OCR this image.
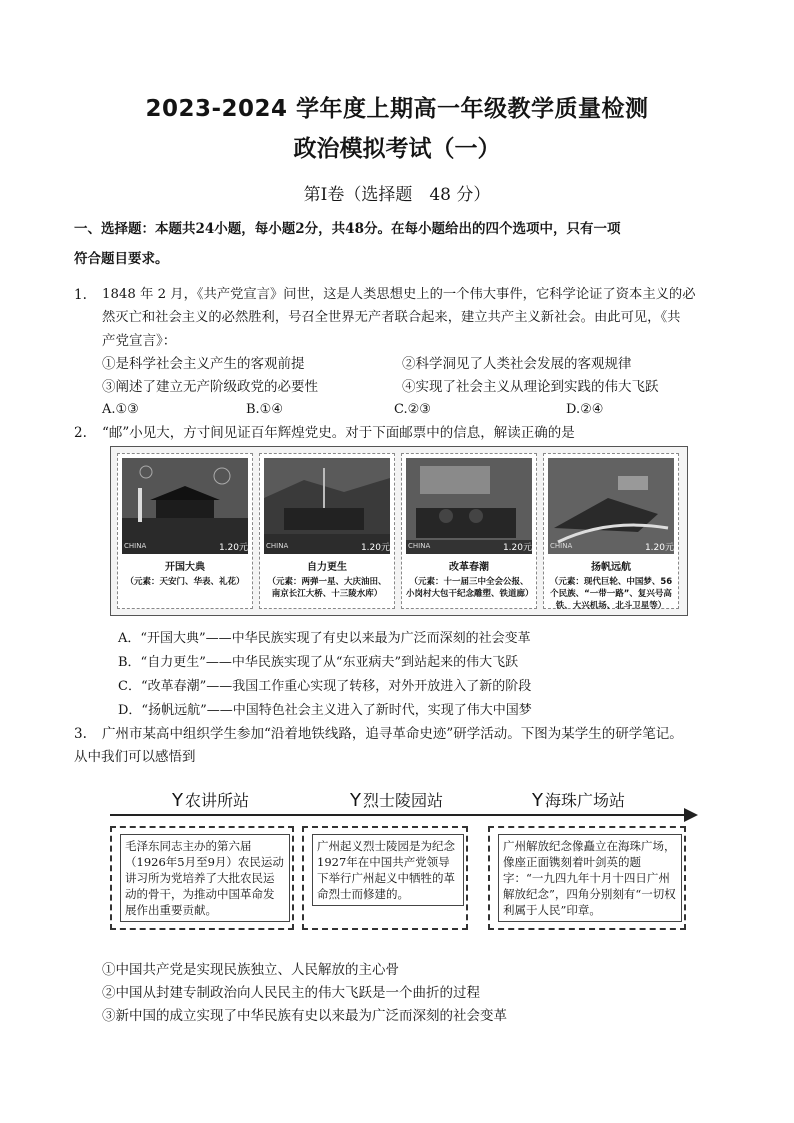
2023-2024 学年度上期高一年级教学质量检测
政治模拟考试（一）
第Ⅰ卷（选择题　48 分）
一、选择题：本题共24小题，每小题2分，共48分。在每小题给出的四个选项中，只有一项
符合题目要求。
1. 1848 年 2 月，《共产党宣言》问世，这是人类思想史上的一个伟大事件，它科学论证了资本主义的必
然灭亡和社会主义的必然胜利，号召全世界无产者联合起来，建立共产主义新社会。由此可见，《共
产党宣言》：
①是科学社会主义产生的客观前提	②科学洞见了人类社会发展的客观规律
③阐述了建立无产阶级政党的必要性	④实现了社会主义从理论到实践的伟大飞跃
A.①③	B.①④	C.②③	D.②④
2. “邮”小见大，方寸间见证百年辉煌党史。对于下面邮票中的信息，解读正确的是
CHINA	1.20元
开国大典
（元素：天安门、华表、礼花）
CHINA	1.20元
自力更生
（元素：两弹一星、大庆油田、南京长江大桥、十三陵水库）
CHINA	1.20元
改革春潮
（元素：十一届三中全会公报、小岗村大包干纪念雕塑、铁道廊）
CHINA	1.20元
扬帆远航
（元素：现代巨轮、中国梦、56个民族、“一带一路”、复兴号高铁、大兴机场、北斗卫星等）
A．“开国大典”——中华民族实现了有史以来最为广泛而深刻的社会变革
B．“自力更生”——中华民族实现了从“东亚病夫”到站起来的伟大飞跃
C．“改革春潮”——我国工作重心实现了转移，对外开放进入了新的阶段
D．“扬帆远航”——中国特色社会主义进入了新时代，实现了伟大中国梦
3. 广州市某高中组织学生参加“沿着地铁线路，追寻革命史迹”研学活动。下图为某学生的研学笔记。
从中我们可以感悟到
Y 农讲所站	Y 烈士陵园站	Y 海珠广场站
毛泽东同志主办的第六届（1926年5月至9月）农民运动讲习所为党培养了大批农民运动的骨干，为推动中国革命发展作出重要贡献。
广州起义烈士陵园是为纪念1927年在中国共产党领导下举行广州起义中牺牲的革命烈士而修建的。
广州解放纪念像矗立在海珠广场，像座正面镌刻着叶剑英的题字：“一九四九年十月十四日广州解放纪念”，四角分别刻有“一切权利属于人民”印章。
①中国共产党是实现民族独立、人民解放的主心骨
②中国从封建专制政治向人民民主的伟大飞跃是一个曲折的过程
③新中国的成立实现了中华民族有史以来最为广泛而深刻的社会变革
